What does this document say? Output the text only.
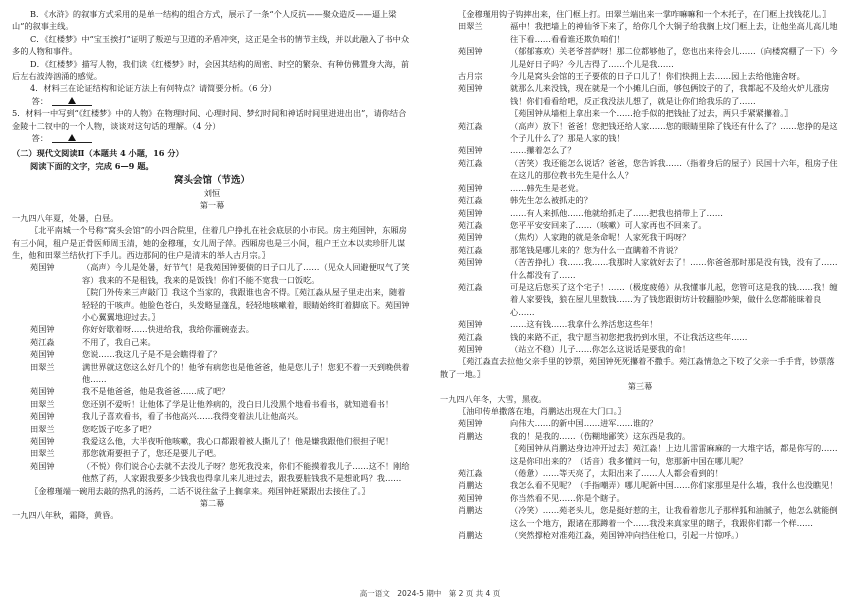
B．《水浒》的叙事方式采用的是单一结构的组合方式，展示了一条“个人反抗——聚众造反——逼上梁山”的叙事主线。

C．《红楼梦》中“宝玉挨打”证明了叛逆与卫道的矛盾冲突，这正是全书的情节主线，并以此融入了书中众多的人物和事件。

D．《红楼梦》描写人物，我们读《红楼梦》时，会因其结构的周密、时空的繁杂、有种仿佛置身大海，前后左右波涛汹涌的感觉。

4．材料三在论证结构和论证方法上有何特点？请简要分析。（6 分）

答：

5．材料一中写到“《红楼梦》中的人物》在物理时间、心理时间、梦幻时间和神话时间里进进出出”，请你结合金陵十二钗中的一个人物，谈谈对这句话的理解。（4 分）

答：

（二）现代文阅读Ⅱ（本题共 4 小题，16 分）

阅读下面的文字，完成 6—9 题。

窝头会馆（节选）

刘恒

第一幕

一九四八年夏，处暑，白昼。

〖北平南城一个号称“窝头会馆”的小四合院里，住着几户挣扎在社会底层的小市民。房主苑国钟，东厢房有三小间，租户是正骨医师周玉清，她的金穆瑾，女儿周子萍。西厢房也是三小间，租户王立本以卖珍肝儿谋生，他和田翠兰结伙打下手儿。西边那间的住户是清末的举人古月宗。〗

苑国钟	（高声）今儿是处暑，好节气！是我苑国钟要债的日子口儿了……（见众人回避便叹气了笑容）我来的不是租钱，我来的是饭钱！你们不能不宽我一口饭吃。
〖院门外传来三声敲门〗我这个当家的，我跟谁也舍不得。〖苑江淼从屋子里走出来，随着轻轻的干咳声。他脸色苍白，头发略显蓬乱，轻轻地咳嗽着，眼睛始终盯着脚底下。苑国钟小心翼翼地迎过去。〗
苑国钟	你好好歇着呀……快进给我，我给你灌碗壶去。
苑江淼	不用了，我自己来。
苑国钟	您说……我这几子是不是会瞧得着了？
田翠兰	满世界就这您这么好几个的！他爷有病您也是他爸爸，他是您儿子！您犯不着一天到晚供着他……
苑国钟	我不是他爸爸，他是我爸爸……成了吧？
田翠兰	您还别不爱听！让他体了学是让他养病的，没白日儿没黑个地看书看书，就知道看书！
苑国钟	我儿子喜欢看书，看了书他高兴……我得变着法儿让他高兴。
田翠兰	您吃饭子吃多了吧？
苑国钟	我爱这么他，大半夜听他咳嗽，我心口都跟着被人撕儿了！他是嫌我跟他们很担子呢！
田翠兰	那您就甭要担子了，您还是要儿子吧。
苑国钟	（不悦）你们说合心去就不去没儿子呀？您死我没来，你们不能摸着我儿子……这不！刚给他熬了药，人家跟我要多少钱我也得拿儿来儿进过去，跟我要脏钱我不是想讹吗？我……

〖金穆瑾端一碗用去敲的热乳的汤药，二话不说往盆子上搁拿来。苑国钟赶紧跟出去接住了。〗

第二幕

一九四八年秋，霜降，黄昏。

〖金穆瑾用钩子钩摔出来，住门框上打。田翠兰端出来一掌咋嘛嘛和一个木托子，在门框上找钱花儿。〗

田翠兰	福中！我把墙上的神仙爷下来了，给你几个大铜子给我搁上坟门框上去，让他坐高儿高儿地往下看……看看谁还欺负咱们！
苑国钟	（郁郁寡欢）关老爷菩萨呀！那二位都够他了，您也出来待会儿……（向楼窝棚了一下）今儿是好日子吗？今儿吉得了……个儿是我……
古月宗	今儿是窝头会馆的王子要侬的日子口儿了！你们快拥上去……园上去给他施舍呀。
苑国钟	就那么儿来没钱，现在就是一个小摊儿白面，够包俩饺子的了，我都起不及给火炉儿涨房钱！你们看看给吧，反正我没法儿想了，就是让你们给我乐的了……
〖苑国钟从墙柜上拿出来一个……抢手似的把钱扯了过去，两只手紧紧攥着。〗
苑江淼	（高声）放下！爸爸！您把钱还给人家……您的眼睛里除了钱还有什么了？……您挣的是这个子儿什么了？那是人家的钱！
苑国钟	……攥着怎么了？
苑江淼	（苦笑）我还能怎么说话？爸爸，您告诉我……（指着身后的屋子）民国十六年，租房子住在这儿的那位教书先生是什么人？
苑国钟	……韩先生是老党。
苑江淼	韩先生怎么被抓走的？
苑国钟	……有人来抓他……他就给抓走了……把我也捎带上了……
苑江淼	您平平安安回来了……（咳嗽）可人家再也不回来了。
苑国钟	（焦灼）人家跑的就是条命呢！人家死我干吗呀？
苑江淼	那笔钱是哪儿来的？您为什么一直瞒着不肯说？
苑国钟	（苦苦挣扎）我……我……我那时人家就好去了！……你爸爸那时那是没有钱，没有了……什么都没有了……
苑江淼	可是这后您买了这个宅子！……（极度疲倦）从我懂事儿起，您管可这是我的钱……我！缠着人家要钱，狼在屋儿里数钱……为了钱您跟街坊计较翻脸吵架，做什么您都能昧着良心……
苑国钟	……这有钱……我拿什么养活您这些年！
苑江淼	钱的来路不正，我宁愿当初您把我扔到水里，不让我活这些年……
苑国钟	（站立不稳）儿子……你怎么这说话是要我的命！

〖苑江淼直去拉他父亲手里的钞票，苑国钟死死攥着不撒手。苑江淼情急之下咬了父亲一手手背，钞票落散了一地。〗

第三幕

一九四八年冬，大雪，黑夜。

〖油印传单撒落在地，肖鹏达出现在大门口。〗

苑国钟	向伟大……的新中国……进军……谁的？
肖鹏达	我的！是我的……（伤糊地鄙笑）这东西是我的。
〖苑国钟从肖鹏达身边冲开过去〗苑江淼！上边儿雷雷麻麻的一大堆字话，都是你写的……这是你印出来的？（话音）我多懂问一句，您那新中国在哪儿呢？
苑江淼	（倦惫）……等天亮了，太阳出来了……人人都会看到的！
肖鹏达	我怎么看不见呢？（手指嘲弄）哪儿呢新中国……你们家那里是什么墙，我什么也没瞧见！
苑国钟	你当然看不见……你是个瞎子。
肖鹏达	（冷笑）……苑老头儿，您是挺好惹的主，让我看着您儿子那样狐和油腻子，他怎么就能倒这么一个地方，跟诸在那蹲着一个……我没来真家里的瞎子，我跟你们都一个样……
肖鹏达	（突然撑枪对准苑江淼，苑国钟冲向挡住枪口，引起一片惊呼。）
高一语文　2024-5 期中　第 2 页 共 4 页
